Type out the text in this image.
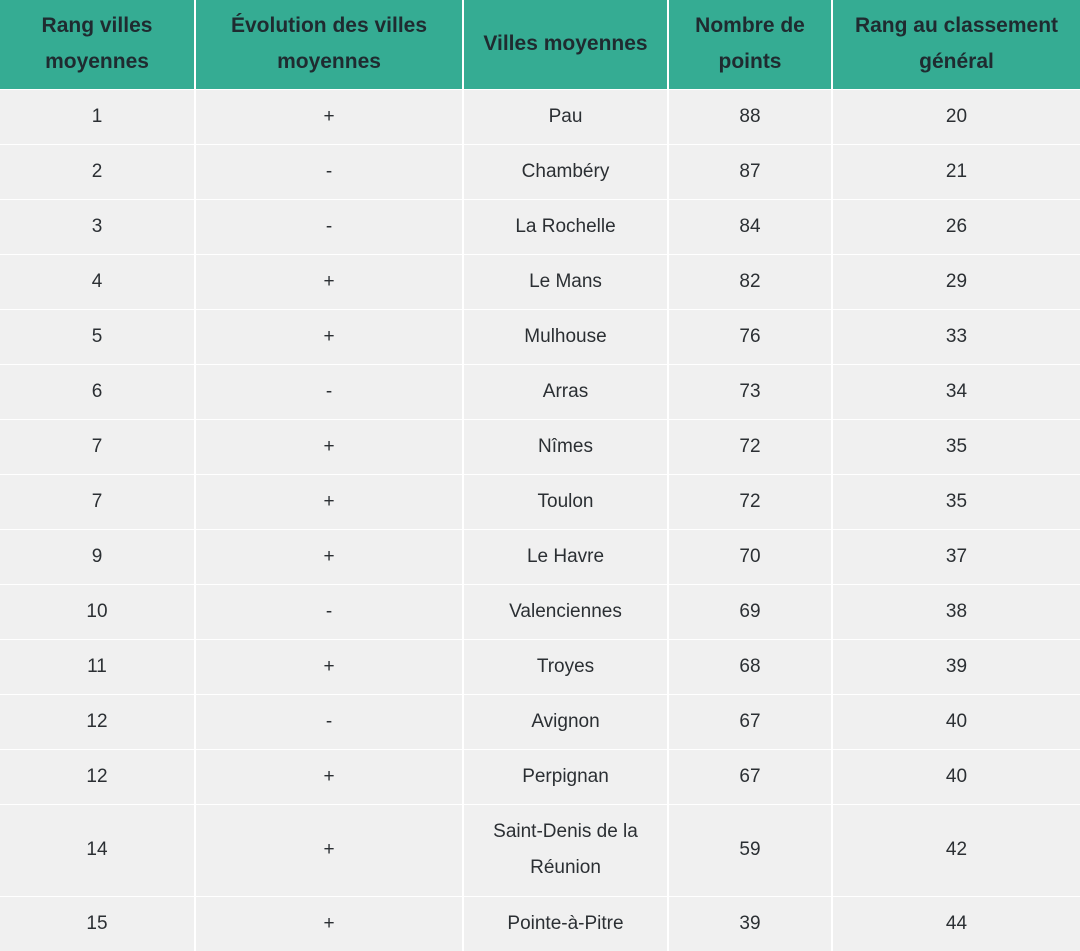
Rang villes moyennes	Évolution des villes moyennes	Villes moyennes	Nombre de points	Rang au classement général
1	+	Pau	88	20
2	-	Chambéry	87	21
3	-	La Rochelle	84	26
4	+	Le Mans	82	29
5	+	Mulhouse	76	33
6	-	Arras	73	34
7	+	Nîmes	72	35
7	+	Toulon	72	35
9	+	Le Havre	70	37
10	-	Valenciennes	69	38
11	+	Troyes	68	39
12	-	Avignon	67	40
12	+	Perpignan	67	40
14	+	Saint-Denis de la Réunion	59	42
15	+	Pointe-à-Pitre	39	44
